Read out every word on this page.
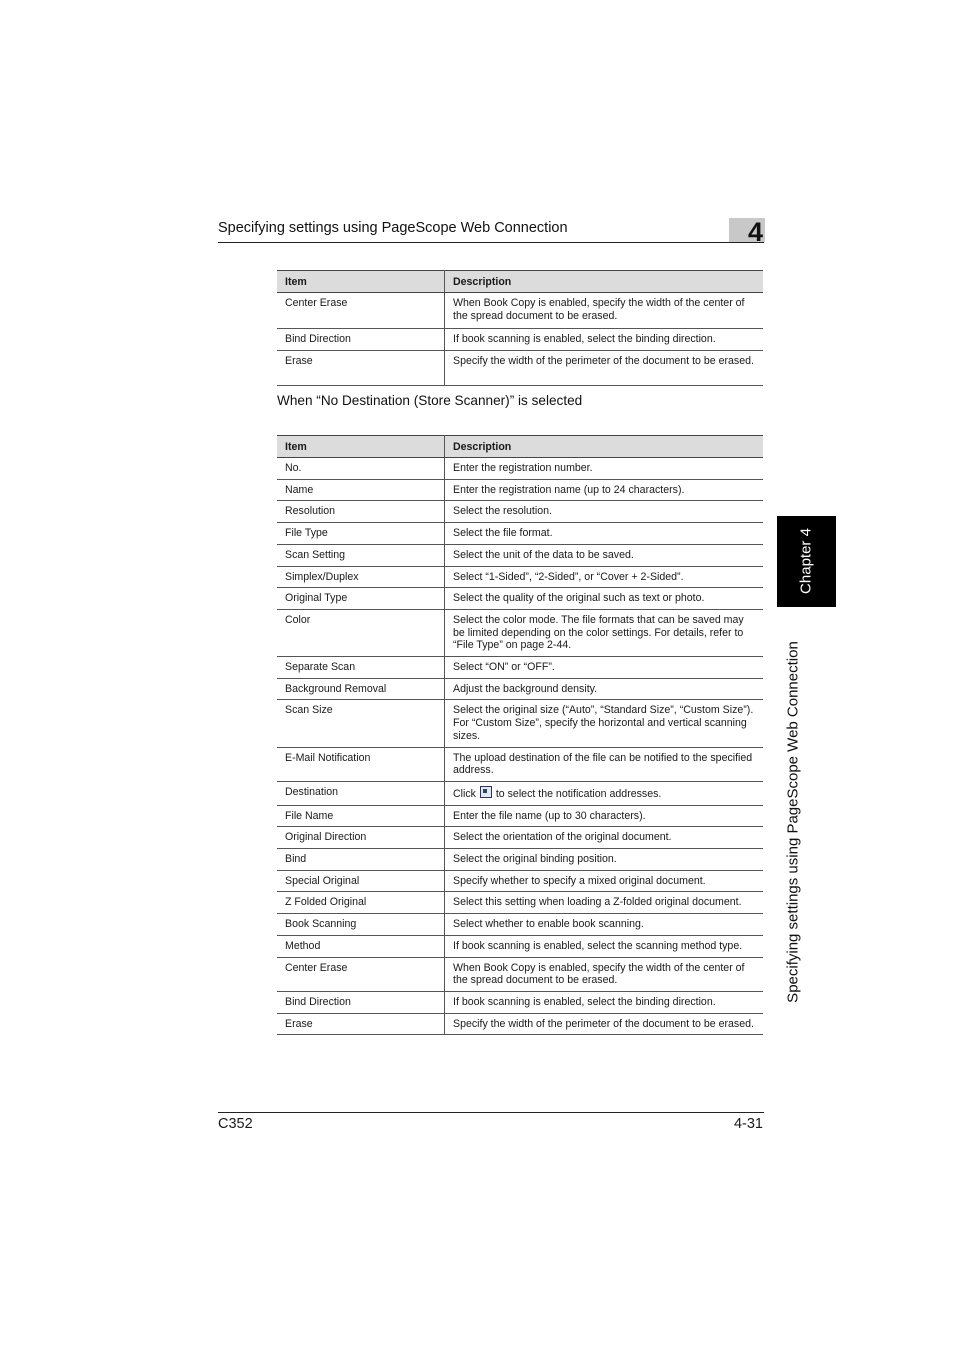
Specifying settings using PageScope Web Connection	4
Chapter 4
Specifying settings using PageScope Web Connection
Item	Description
Center Erase	When Book Copy is enabled, specify the width of the center of the spread document to be erased.
Bind Direction	If book scanning is enabled, select the binding direction.
Erase	Specify the width of the perimeter of the document to be erased.
When “No Destination (Store Scanner)” is selected
Item	Description
No.	Enter the registration number.
Name	Enter the registration name (up to 24 characters).
Resolution	Select the resolution.
File Type	Select the file format.
Scan Setting	Select the unit of the data to be saved.
Simplex/Duplex	Select “1-Sided”, “2-Sided”, or “Cover + 2-Sided”.
Original Type	Select the quality of the original such as text or photo.
Color	Select the color mode. The file formats that can be saved may be limited depending on the color settings. For details, refer to “File Type” on page 2-44.
Separate Scan	Select “ON” or “OFF”.
Background Removal	Adjust the background density.
Scan Size	Select the original size (“Auto”, “Standard Size”, “Custom Size”).
For “Custom Size”, specify the horizontal and vertical scanning sizes.
E-Mail Notification	The upload destination of the file can be notified to the specified address.
Destination	Click to select the notification addresses.
File Name	Enter the file name (up to 30 characters).
Original Direction	Select the orientation of the original document.
Bind	Select the original binding position.
Special Original	Specify whether to specify a mixed original document.
Z Folded Original	Select this setting when loading a Z-folded original document.
Book Scanning	Select whether to enable book scanning.
Method	If book scanning is enabled, select the scanning method type.
Center Erase	When Book Copy is enabled, specify the width of the center of the spread document to be erased.
Bind Direction	If book scanning is enabled, select the binding direction.
Erase	Specify the width of the perimeter of the document to be erased.
C352	4-31
